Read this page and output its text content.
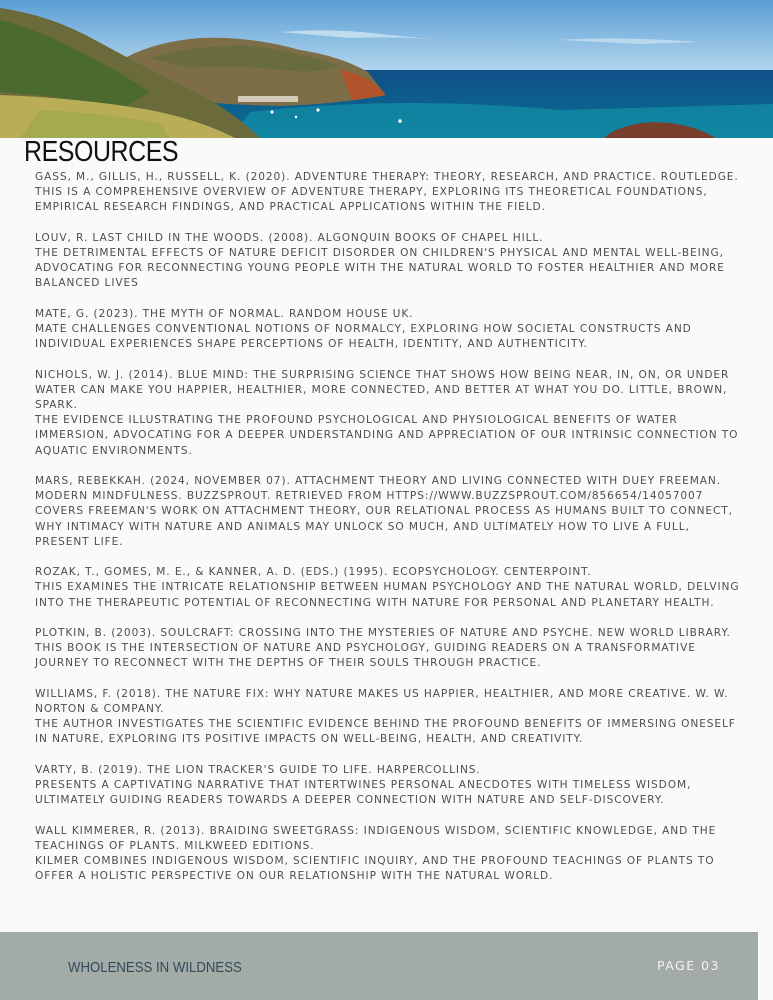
RESOURCES
GASS, M., GILLIS, H., RUSSELL, K. (2020). ADVENTURE THERAPY: THEORY, RESEARCH, AND PRACTICE. ROUTLEDGE.
THIS IS A COMPREHENSIVE OVERVIEW OF ADVENTURE THERAPY, EXPLORING ITS THEORETICAL FOUNDATIONS, EMPIRICAL RESEARCH FINDINGS, AND PRACTICAL APPLICATIONS WITHIN THE FIELD.
LOUV, R. LAST CHILD IN THE WOODS. (2008). ALGONQUIN BOOKS OF CHAPEL HILL.
THE DETRIMENTAL EFFECTS OF NATURE DEFICIT DISORDER ON CHILDREN'S PHYSICAL AND MENTAL WELL-BEING, ADVOCATING FOR RECONNECTING YOUNG PEOPLE WITH THE NATURAL WORLD TO FOSTER HEALTHIER AND MORE BALANCED LIVES
MATE, G. (2023). THE MYTH OF NORMAL. RANDOM HOUSE UK.
MATE CHALLENGES CONVENTIONAL NOTIONS OF NORMALCY, EXPLORING HOW SOCIETAL CONSTRUCTS AND INDIVIDUAL EXPERIENCES SHAPE PERCEPTIONS OF HEALTH, IDENTITY, AND AUTHENTICITY.
NICHOLS, W. J. (2014). BLUE MIND: THE SURPRISING SCIENCE THAT SHOWS HOW BEING NEAR, IN, ON, OR UNDER WATER CAN MAKE YOU HAPPIER, HEALTHIER, MORE CONNECTED, AND BETTER AT WHAT YOU DO. LITTLE, BROWN, SPARK.
THE EVIDENCE ILLUSTRATING THE PROFOUND PSYCHOLOGICAL AND PHYSIOLOGICAL BENEFITS OF WATER IMMERSION, ADVOCATING FOR A DEEPER UNDERSTANDING AND APPRECIATION OF OUR INTRINSIC CONNECTION TO AQUATIC ENVIRONMENTS.
MARS, REBEKKAH. (2024, NOVEMBER 07). ATTACHMENT THEORY AND LIVING CONNECTED WITH DUEY FREEMAN. MODERN MINDFULNESS. BUZZSPROUT. RETRIEVED FROM HTTPS://WWW.BUZZSPROUT.COM/856654/14057007
COVERS FREEMAN'S WORK ON ATTACHMENT THEORY, OUR RELATIONAL PROCESS AS HUMANS BUILT TO CONNECT, WHY INTIMACY WITH NATURE AND ANIMALS MAY UNLOCK SO MUCH, AND ULTIMATELY HOW TO LIVE A FULL, PRESENT LIFE.
ROZAK, T., GOMES, M. E., & KANNER, A. D. (EDS.) (1995). ECOPSYCHOLOGY. CENTERPOINT.
THIS EXAMINES THE INTRICATE RELATIONSHIP BETWEEN HUMAN PSYCHOLOGY AND THE NATURAL WORLD, DELVING INTO THE THERAPEUTIC POTENTIAL OF RECONNECTING WITH NATURE FOR PERSONAL AND PLANETARY HEALTH.
PLOTKIN, B. (2003). SOULCRAFT: CROSSING INTO THE MYSTERIES OF NATURE AND PSYCHE. NEW WORLD LIBRARY.
THIS BOOK IS THE INTERSECTION OF NATURE AND PSYCHOLOGY, GUIDING READERS ON A TRANSFORMATIVE JOURNEY TO RECONNECT WITH THE DEPTHS OF THEIR SOULS THROUGH PRACTICE.
WILLIAMS, F. (2018). THE NATURE FIX: WHY NATURE MAKES US HAPPIER, HEALTHIER, AND MORE CREATIVE. W. W. NORTON & COMPANY.
THE AUTHOR INVESTIGATES THE SCIENTIFIC EVIDENCE BEHIND THE PROFOUND BENEFITS OF IMMERSING ONESELF IN NATURE, EXPLORING ITS POSITIVE IMPACTS ON WELL-BEING, HEALTH, AND CREATIVITY.
VARTY, B. (2019). THE LION TRACKER'S GUIDE TO LIFE. HARPERCOLLINS.
PRESENTS A CAPTIVATING NARRATIVE THAT INTERTWINES PERSONAL ANECDOTES WITH TIMELESS WISDOM, ULTIMATELY GUIDING READERS TOWARDS A DEEPER CONNECTION WITH NATURE AND SELF-DISCOVERY.
WALL KIMMERER, R. (2013). BRAIDING SWEETGRASS: INDIGENOUS WISDOM, SCIENTIFIC KNOWLEDGE, AND THE TEACHINGS OF PLANTS. MILKWEED EDITIONS.
KILMER COMBINES INDIGENOUS WISDOM, SCIENTIFIC INQUIRY, AND THE PROFOUND TEACHINGS OF PLANTS TO OFFER A HOLISTIC PERSPECTIVE ON OUR RELATIONSHIP WITH THE NATURAL WORLD.

WHOLENESS IN WILDNESS	PAGE 03
